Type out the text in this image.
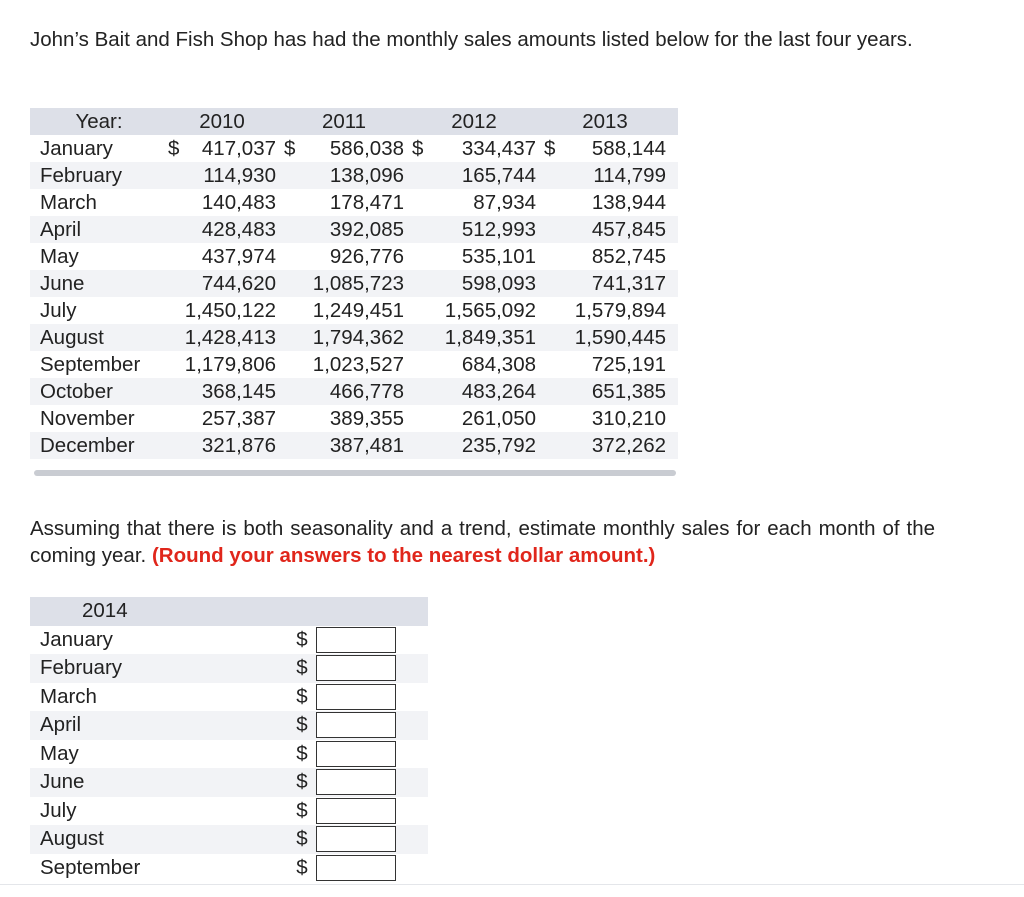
John’s Bait and Fish Shop has had the monthly sales amounts listed below for the last four years.

Year:	2010	2011	2012	2013
January	$ 417,037	$ 586,038	$ 334,437	$ 588,144

February	114,930	138,096	165,744	114,799
March	140,483	178,471	87,934	138,944
April	428,483	392,085	512,993	457,845
May	437,974	926,776	535,101	852,745
June	744,620	1,085,723	598,093	741,317
July	1,450,122	1,249,451	1,565,092	1,579,894
August	1,428,413	1,794,362	1,849,351	1,590,445
September	1,179,806	1,023,527	684,308	725,191
October	368,145	466,778	483,264	651,385
November	257,387	389,355	261,050	310,210
December	321,876	387,481	235,792	372,262

Assuming that there is both seasonality and a trend, estimate monthly sales for each month of the coming year. (Round your answers to the nearest dollar amount.)

2014		
January	$	

February	$	

March	$	

April	$	

May	$	

June	$	

July	$	

August	$	

September	$	
